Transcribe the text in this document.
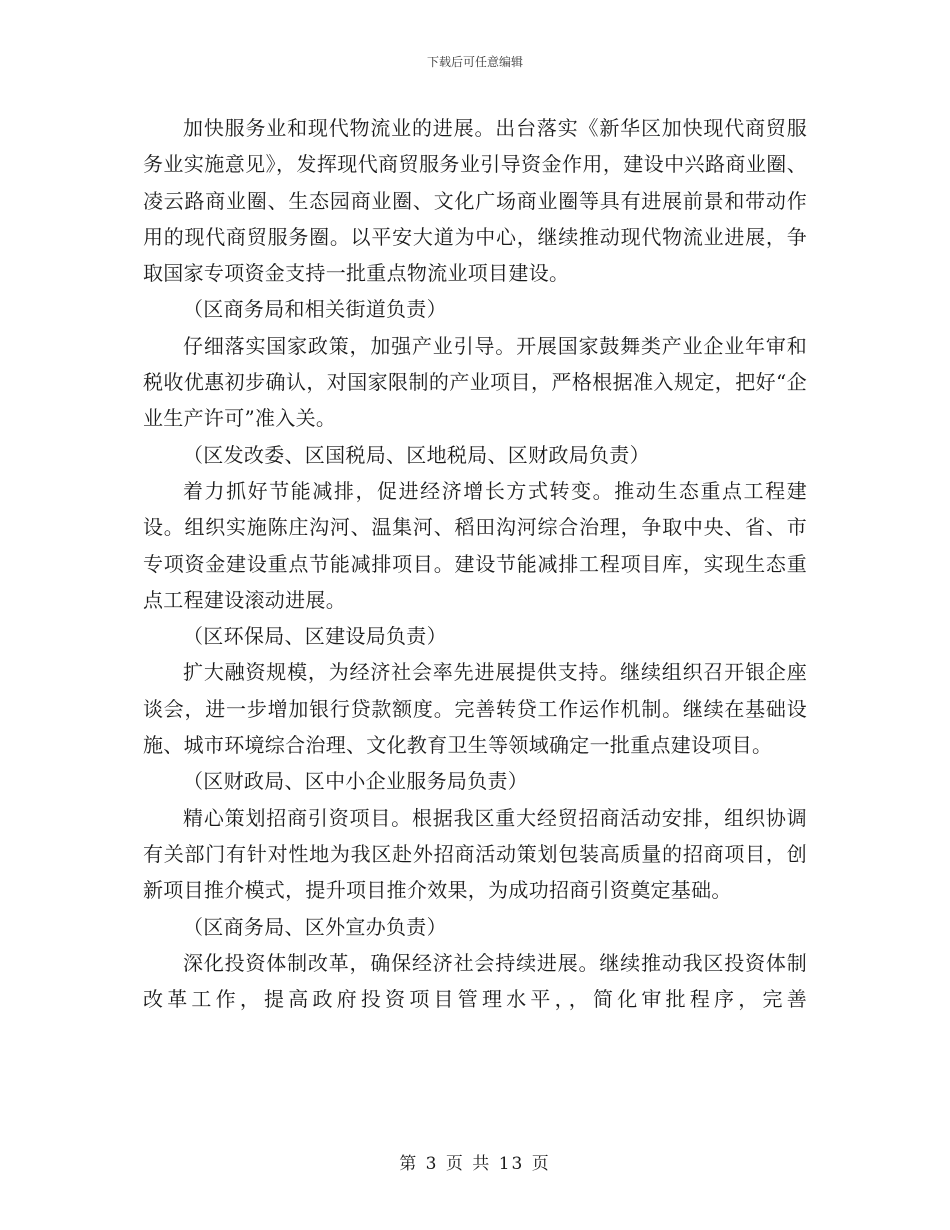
下载后可任意编辑

加快服务业和现代物流业的进展。出台落实《新华区加快现代商贸服务业实施意见》，发挥现代商贸服务业引导资金作用，建设中兴路商业圈、凌云路商业圈、生态园商业圈、文化广场商业圈等具有进展前景和带动作用的现代商贸服务圈。以平安大道为中心，继续推动现代物流业进展，争取国家专项资金支持一批重点物流业项目建设。

（区商务局和相关街道负责）

仔细落实国家政策，加强产业引导。开展国家鼓舞类产业企业年审和税收优惠初步确认，对国家限制的产业项目，严格根据准入规定，把好“企业生产许可”准入关。

（区发改委、区国税局、区地税局、区财政局负责）

着力抓好节能减排，促进经济增长方式转变。推动生态重点工程建设。组织实施陈庄沟河、温集河、稻田沟河综合治理，争取中央、省、市专项资金建设重点节能减排项目。建设节能减排工程项目库，实现生态重点工程建设滚动进展。

（区环保局、区建设局负责）

扩大融资规模，为经济社会率先进展提供支持。继续组织召开银企座谈会，进一步增加银行贷款额度。完善转贷工作运作机制。继续在基础设施、城市环境综合治理、文化教育卫生等领域确定一批重点建设项目。

（区财政局、区中小企业服务局负责）

精心策划招商引资项目。根据我区重大经贸招商活动安排，组织协调有关部门有针对性地为我区赴外招商活动策划包装高质量的招商项目，创新项目推介模式，提升项目推介效果，为成功招商引资奠定基础。

（区商务局、区外宣办负责）

深化投资体制改革，确保经济社会持续进展。继续推动我区投资体制改革工作，提高政府投资项目管理水平，，简化审批程序，完善

第 3 页 共 13 页
